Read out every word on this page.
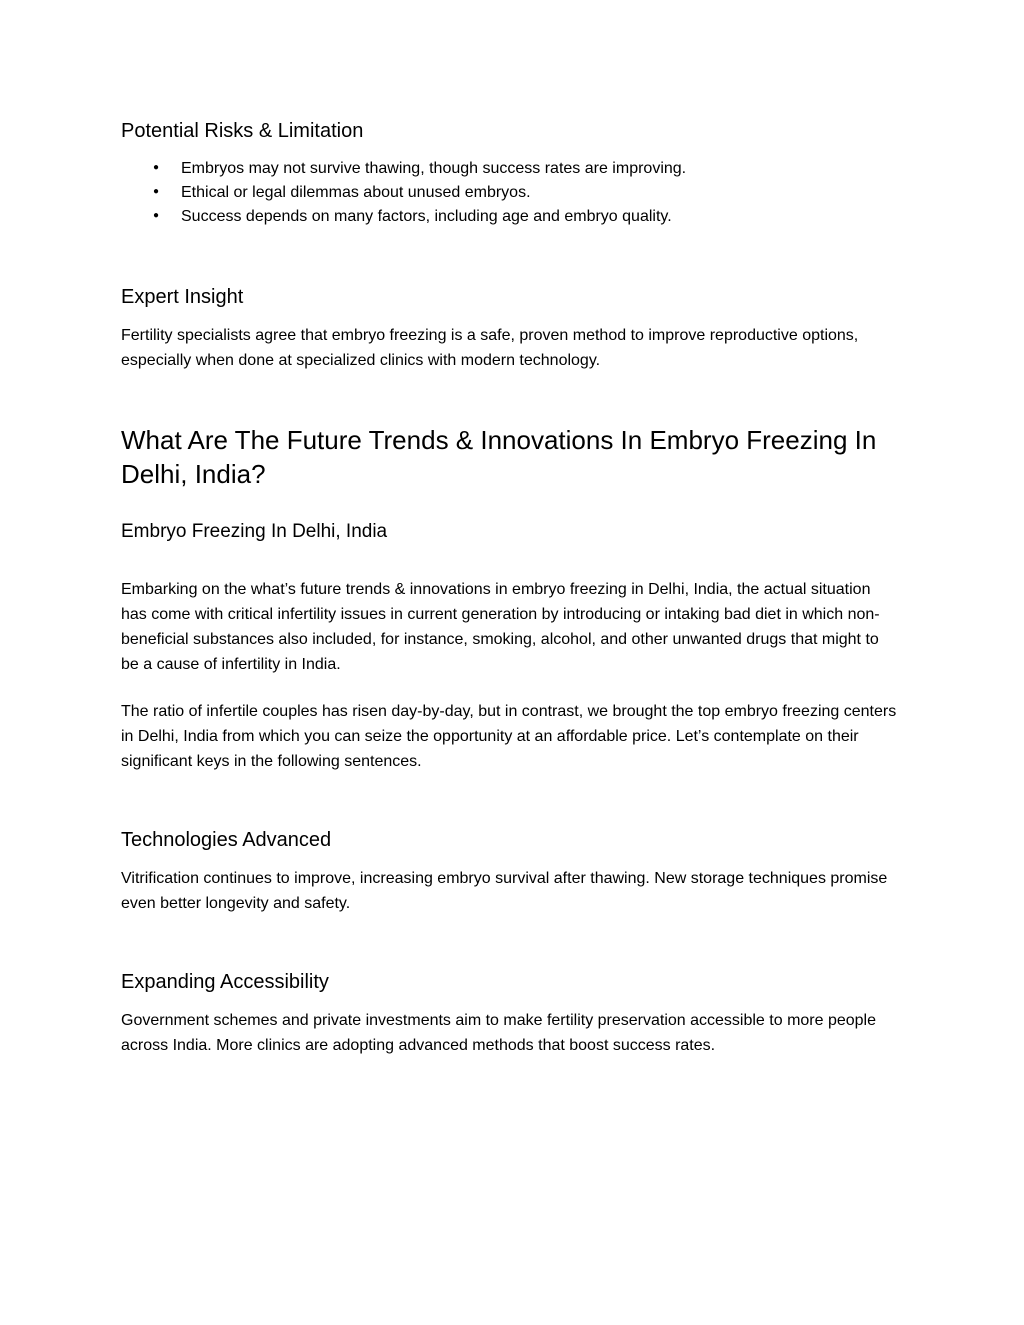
Potential Risks & Limitation
● Embryos may not survive thawing, though success rates are improving.
● Ethical or legal dilemmas about unused embryos.
● Success depends on many factors, including age and embryo quality.
Expert Insight

Fertility specialists agree that embryo freezing is a safe, proven method to improve reproductive options, especially when done at specialized clinics with modern technology.

What Are The Future Trends & Innovations In Embryo Freezing In Delhi, India?
Embryo Freezing In Delhi, India

Embarking on the what’s future trends & innovations in embryo freezing in Delhi, India, the actual situation has come with critical infertility issues in current generation by introducing or intaking bad diet in which non-beneficial substances also included, for instance, smoking, alcohol, and other unwanted drugs that might to be a cause of infertility in India.

The ratio of infertile couples has risen day-by-day, but in contrast, we brought the top embryo freezing centers in Delhi, India from which you can seize the opportunity at an affordable price. Let’s contemplate on their significant keys in the following sentences.

Technologies Advanced

Vitrification continues to improve, increasing embryo survival after thawing. New storage techniques promise even better longevity and safety.

Expanding Accessibility

Government schemes and private investments aim to make fertility preservation accessible to more people across India. More clinics are adopting advanced methods that boost success rates.
